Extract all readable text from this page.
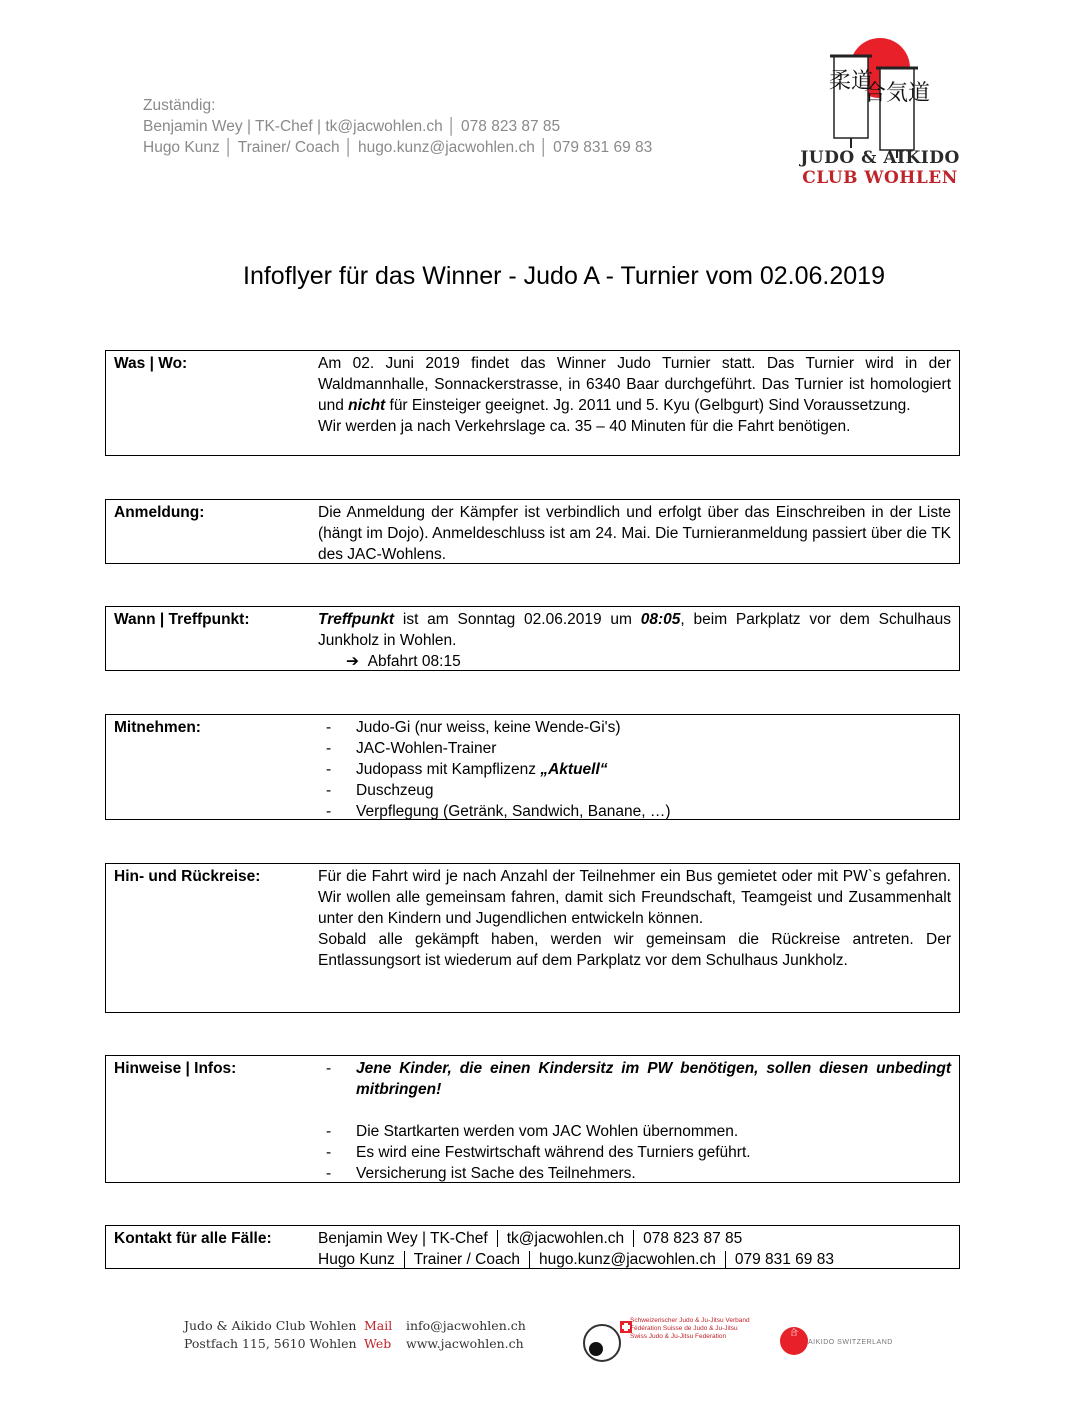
Zuständig:
Benjamin Wey | TK-Chef | tk@jacwohlen.ch │ 078 823 87 85
Hugo Kunz │ Trainer/ Coach │ hugo.kunz@jacwohlen.ch │ 079 831 69 83
柔道
合気道
JUDO & AIKIDO
CLUB WOHLEN
Infoflyer für das Winner - Judo A - Turnier vom 02.06.2019
Was | Wo:	Am 02. Juni 2019 findet das Winner Judo Turnier statt. Das Turnier wird in der Waldmannhalle, Sonnackerstrasse, in 6340 Baar durchgeführt. Das Turnier ist homologiert und nicht für Einsteiger geeignet. Jg. 2011 und 5. Kyu (Gelbgurt) Sind Voraussetzung.

Wir werden ja nach Verkehrslage ca. 35 – 40 Minuten für die Fahrt benötigen.

Anmeldung:	Die Anmeldung der Kämpfer ist verbindlich und erfolgt über das Einschreiben in der Liste (hängt im Dojo). Anmeldeschluss ist am 24. Mai. Die Turnieranmeldung passiert über die TK des JAC-Wohlens.

Wann | Treffpunkt:	Treffpunkt ist am Sonntag 02.06.2019 um 08:05, beim Parkplatz vor dem Schulhaus Junkholz in Wohlen.

➔ Abfahrt 08:15

Mitnehmen:	- Judo-Gi (nur weiss, keine Wende-Gi's)
- JAC-Wohlen-Trainer
- Judopass mit Kampflizenz „Aktuell“
- Duschzeug
- Verpflegung (Getränk, Sandwich, Banane, …)
Hin- und Rückreise:	Für die Fahrt wird je nach Anzahl der Teilnehmer ein Bus gemietet oder mit PW`s gefahren. Wir wollen alle gemeinsam fahren, damit sich Freundschaft, Teamgeist und Zusammenhalt unter den Kindern und Jugendlichen entwickeln können.

Sobald alle gekämpft haben, werden wir gemeinsam die Rückreise antreten. Der Entlassungsort ist wiederum auf dem Parkplatz vor dem Schulhaus Junkholz.

Hinweise | Infos:	- Jene Kinder, die einen Kindersitz im PW benötigen, sollen diesen unbedingt mitbringen!
- Die Startkarten werden vom JAC Wohlen übernommen.
- Es wird eine Festwirtschaft während des Turniers geführt.
- Versicherung ist Sache des Teilnehmers.
Kontakt für alle Fälle:	Benjamin Wey | TK-Chef tk@jacwohlen.ch 078 823 87 85
Hugo Kunz Trainer / Coach hugo.kunz@jacwohlen.ch 079 831 69 83
Judo & Aikido Club Wohlen
Postfach 115, 5610 Wohlen
Mail
Web
info@jacwohlen.ch
www.jacwohlen.ch
Schweizerischer Judo & Ju-Jitsu Verband
Fédération Suisse de Judo & Ju-Jitsu
Swiss Judo & Ju-Jitsu Federation	合
AIKIDO SWITZERLAND
